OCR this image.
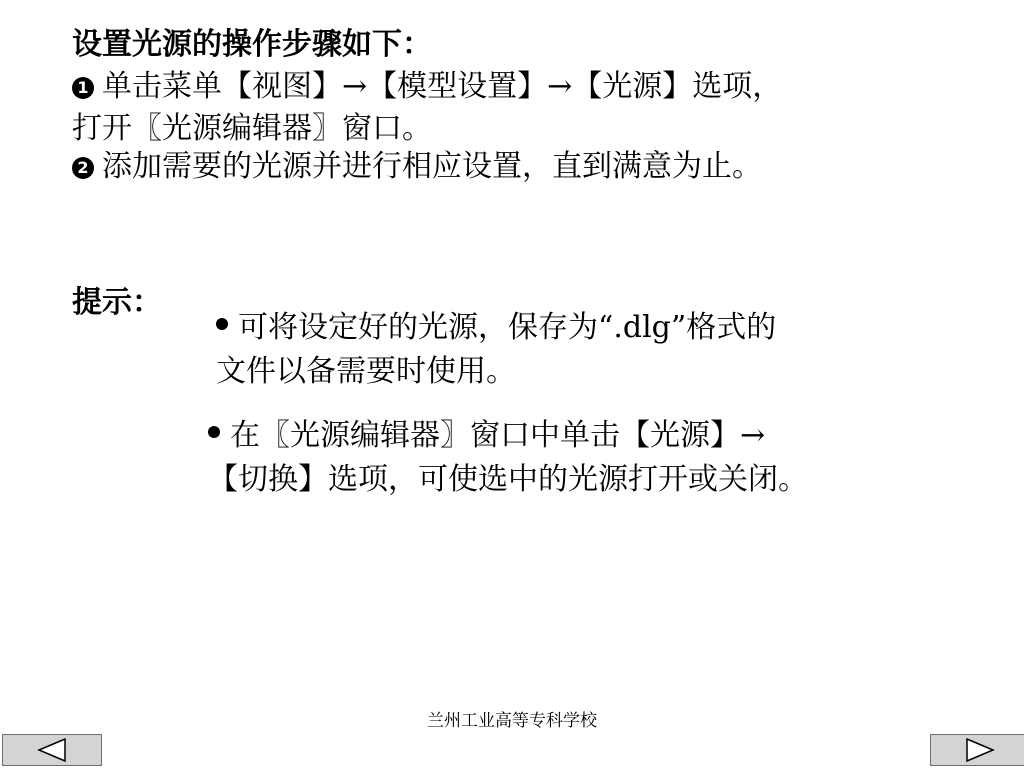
设置光源的操作步骤如下：
1 单击菜单【视图】→【模型设置】→【光源】选项，
打开〖光源编辑器〗窗口。
2 添加需要的光源并进行相应设置，直到满意为止。
提示：
可将设定好的光源，保存为“.dlg”格式的
文件以备需要时使用。
在〖光源编辑器〗窗口中单击【光源】→
【切换】选项，可使选中的光源打开或关闭。
兰州工业高等专科学校
